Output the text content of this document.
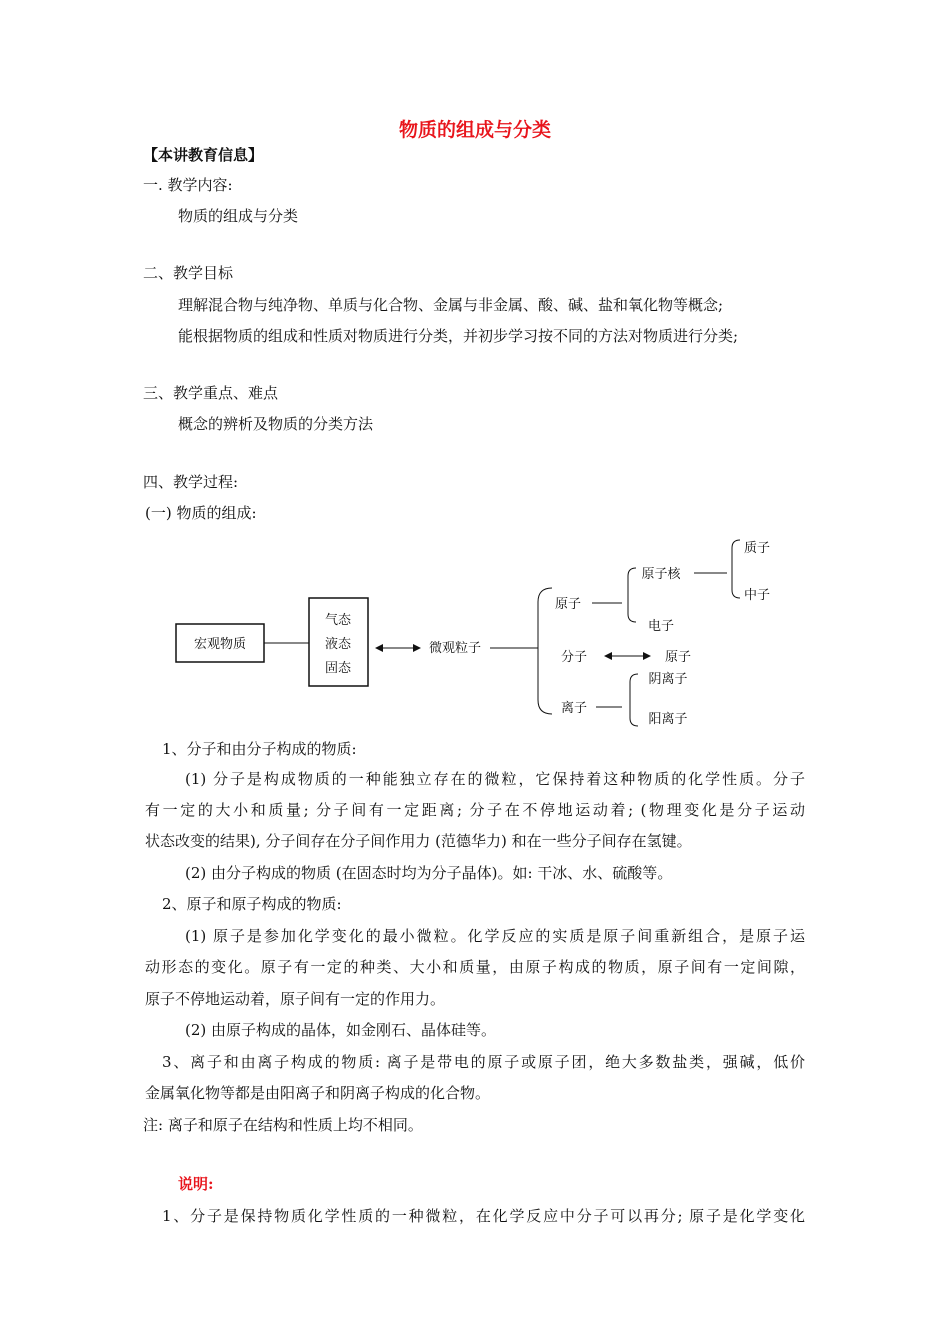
物质的组成与分类
【本讲教育信息】
一. 教学内容:
物质的组成与分类
二、教学目标
理解混合物与纯净物、单质与化合物、金属与非金属、酸、碱、盐和氧化物等概念;
能根据物质的组成和性质对物质进行分类，并初步学习按不同的方法对物质进行分类;
三、教学重点、难点
概念的辨析及物质的分类方法
四、教学过程:
(一) 物质的组成:
宏观物质
气态
液态
固态
微观粒子
原子
原子核
电子
质子
中子
分子	原子
离子
阴离子
阳离子
1、分子和由分子构成的物质:
(1) 分子是构成物质的一种能独立存在的微粒，它保持着这种物质的化学性质。分子
有一定的大小和质量; 分子间有一定距离; 分子在不停地运动着; (物理变化是分子运动
状态改变的结果), 分子间存在分子间作用力 (范德华力) 和在一些分子间存在氢键。
(2) 由分子构成的物质 (在固态时均为分子晶体)。如: 干冰、水、硫酸等。
2、原子和原子构成的物质:
(1) 原子是参加化学变化的最小微粒。化学反应的实质是原子间重新组合，是原子运
动形态的变化。原子有一定的种类、大小和质量，由原子构成的物质，原子间有一定间隙，
原子不停地运动着，原子间有一定的作用力。
(2) 由原子构成的晶体，如金刚石、晶体硅等。
3、离子和由离子构成的物质: 离子是带电的原子或原子团，绝大多数盐类，强碱，低价
金属氧化物等都是由阳离子和阴离子构成的化合物。
注: 离子和原子在结构和性质上均不相同。
说明:
1、分子是保持物质化学性质的一种微粒，在化学反应中分子可以再分; 原子是化学变化
